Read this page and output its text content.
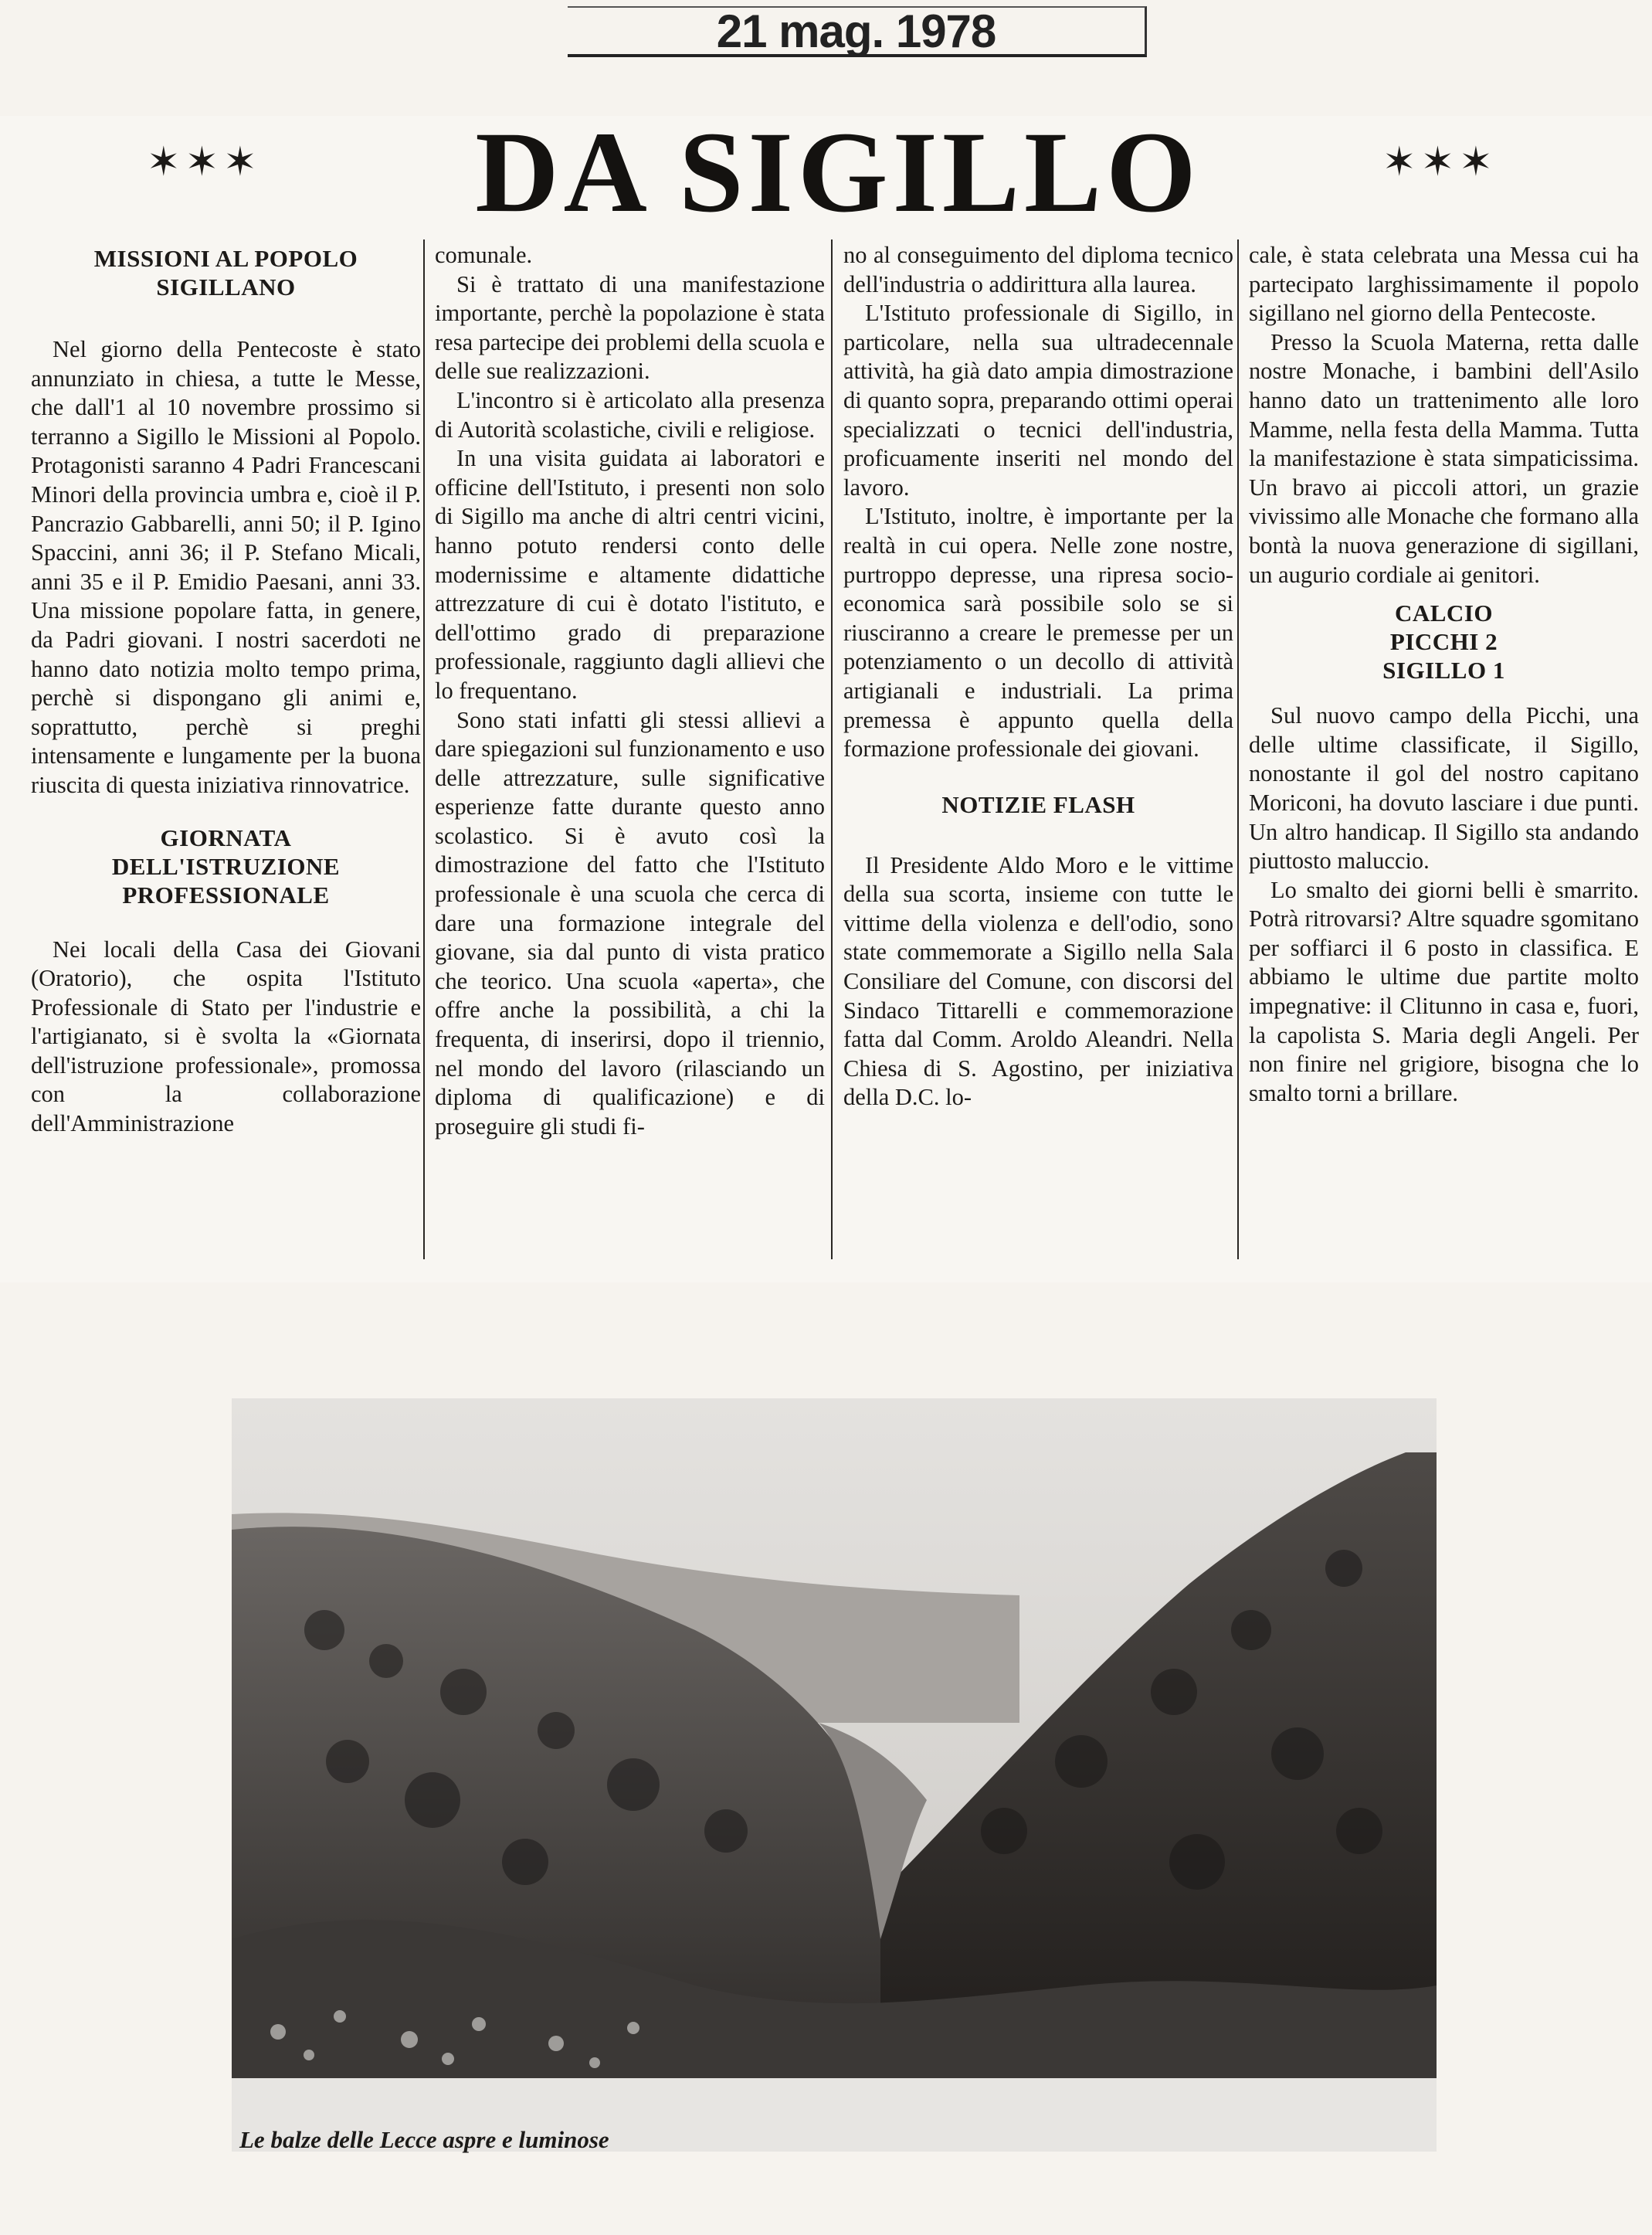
21 mag. 1978
✶✶✶	DA SIGILLO	✶✶✶
MISSIONI AL POPOLO
SIGILLANO

Nel giorno della Pentecoste è stato annunziato in chiesa, a tutte le Messe, che dall'1 al 10 novembre prossimo si terranno a Sigillo le Missioni al Popolo. Protagonisti saranno 4 Padri Francescani Minori della provincia umbra e, cioè il P. Pancrazio Gabbarelli, anni 50; il P. Igino Spaccini, anni 36; il P. Stefano Micali, anni 35 e il P. Emidio Paesani, anni 33. Una missione popolare fatta, in genere, da Padri giovani. I nostri sacerdoti ne hanno dato notizia molto tempo prima, perchè si dispongano gli animi e, soprattutto, perchè si preghi intensamente e lungamente per la buona riuscita di questa iniziativa rinnovatrice.

GIORNATA
DELL'ISTRUZIONE
PROFESSIONALE

Nei locali della Casa dei Giovani (Oratorio), che ospita l'Istituto Professionale di Stato per l'industrie e l'artigianato, si è svolta la «Giornata dell'istruzione professionale», promossa con la collaborazione dell'Amministrazione

comunale.

Si è trattato di una manifestazione importante, perchè la popolazione è stata resa partecipe dei problemi della scuola e delle sue realizzazioni.

L'incontro si è articolato alla presenza di Autorità scolastiche, civili e religiose.

In una visita guidata ai laboratori e officine dell'Istituto, i presenti non solo di Sigillo ma anche di altri centri vicini, hanno potuto rendersi conto delle modernissime e altamente didattiche attrezzature di cui è dotato l'istituto, e dell'ottimo grado di preparazione professionale, raggiunto dagli allievi che lo frequentano.

Sono stati infatti gli stessi allievi a dare spiegazioni sul funzionamento e uso delle attrezzature, sulle significative esperienze fatte durante questo anno scolastico. Si è avuto così la dimostrazione del fatto che l'Istituto professionale è una scuola che cerca di dare una formazione integrale del giovane, sia dal punto di vista pratico che teorico. Una scuola «aperta», che offre anche la possibilità, a chi la frequenta, di inserirsi, dopo il triennio, nel mondo del lavoro (rilasciando un diploma di qualificazione) e di proseguire gli studi fi-

no al conseguimento del diploma tecnico dell'industria o addirittura alla laurea.

L'Istituto professionale di Sigillo, in particolare, nella sua ultradecennale attività, ha già dato ampia dimostrazione di quanto sopra, preparando ottimi operai specializzati o tecnici dell'industria, proficuamente inseriti nel mondo del lavoro.

L'Istituto, inoltre, è importante per la realtà in cui opera. Nelle zone nostre, purtroppo depresse, una ripresa socio-economica sarà possibile solo se si riusciranno a creare le premesse per un potenziamento o un decollo di attività artigianali e industriali. La prima premessa è appunto quella della formazione professionale dei giovani.

NOTIZIE FLASH

Il Presidente Aldo Moro e le vittime della sua scorta, insieme con tutte le vittime della violenza e dell'odio, sono state commemorate a Sigillo nella Sala Consiliare del Comune, con discorsi del Sindaco Tittarelli e commemorazione fatta dal Comm. Aroldo Aleandri. Nella Chiesa di S. Agostino, per iniziativa della D.C. lo-

cale, è stata celebrata una Messa cui ha partecipato larghissimamente il popolo sigillano nel giorno della Pentecoste.

Presso la Scuola Materna, retta dalle nostre Monache, i bambini dell'Asilo hanno dato un trattenimento alle loro Mamme, nella festa della Mamma. Tutta la manifestazione è stata simpaticissima. Un bravo ai piccoli attori, un grazie vivissimo alle Monache che formano alla bontà la nuova generazione di sigillani, un augurio cordiale ai genitori.

CALCIO
PICCHI 2
SIGILLO 1

Sul nuovo campo della Picchi, una delle ultime classificate, il Sigillo, nonostante il gol del nostro capitano Moriconi, ha dovuto lasciare i due punti. Un altro handicap. Il Sigillo sta andando piuttosto maluccio.

Lo smalto dei giorni belli è smarrito. Potrà ritrovarsi? Altre squadre sgomitano per soffiarci il 6 posto in classifica. E abbiamo le ultime due partite molto impegnative: il Clitunno in casa e, fuori, la capolista S. Maria degli Angeli. Per non finire nel grigiore, bisogna che lo smalto torni a brillare.

Le balze delle Lecce aspre e luminose
